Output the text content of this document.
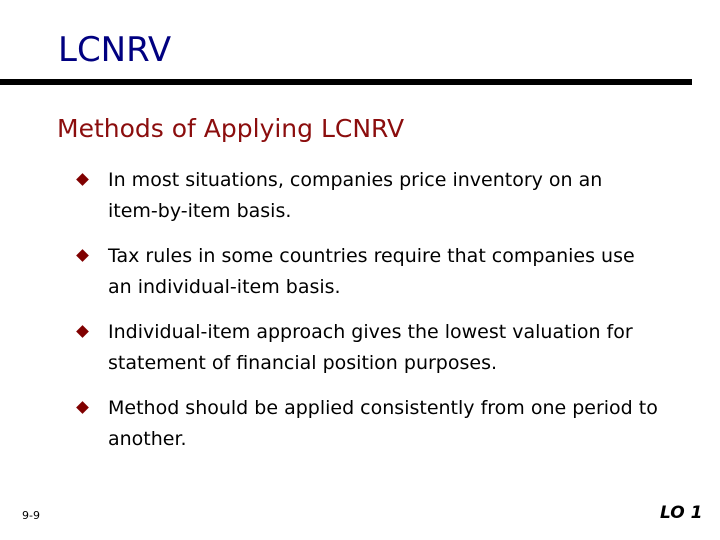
LCNRV
Methods of Applying LCNRV
In most situations, companies price inventory on an item-by-item basis.
Tax rules in some countries require that companies use an individual-item basis.
Individual-item approach gives the lowest valuation for statement of financial position purposes.
Method should be applied consistently from one period to another.
9-9	LO 1
